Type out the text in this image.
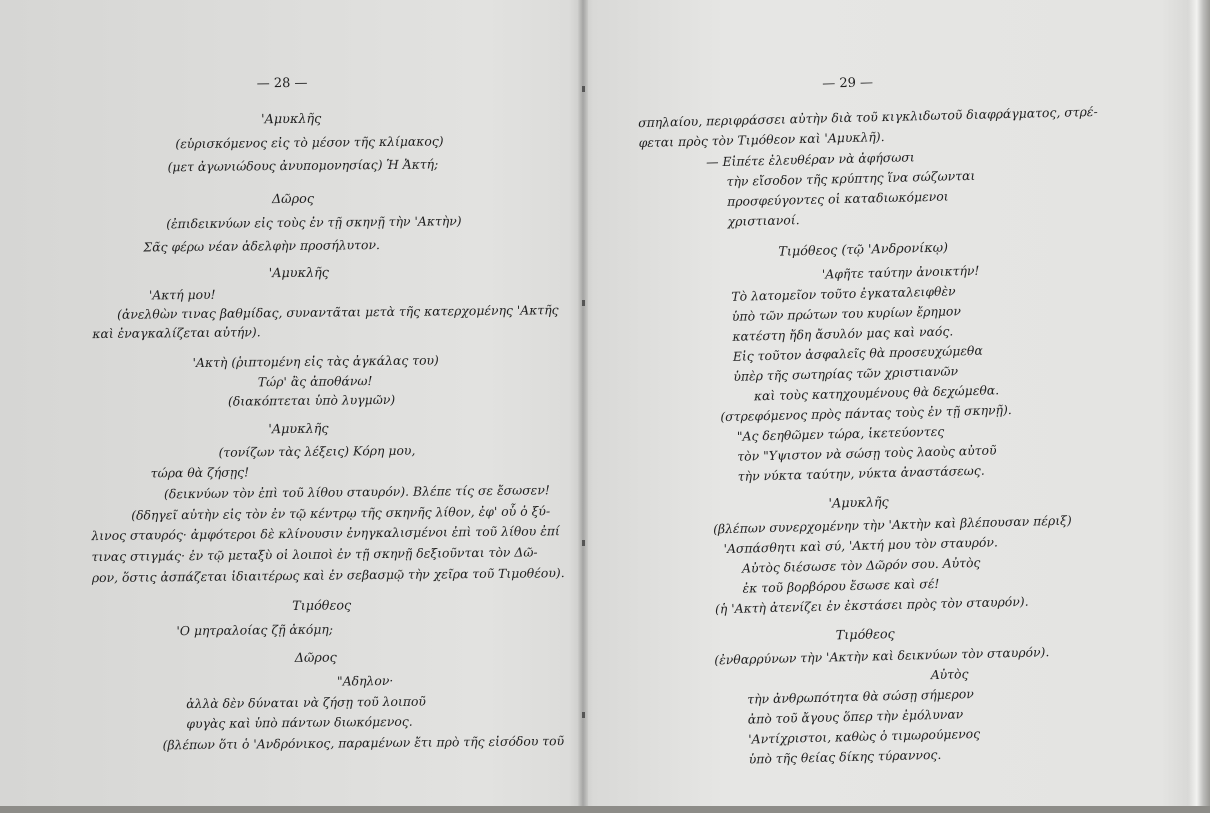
— 28 —
'Αμυκλῆς
(εὑρισκόμενος εἰς τὸ μέσον τῆς κλίμακος)
(μετ ἀγωνιώδους ἀνυπομονησίας) Ἡ Ἀκτή;
Δῶρος
(ἐπιδεικνύων εἰς τοὺς ἐν τῇ σκηνῇ τὴν 'Ακτὴν)
Σᾶς φέρω νέαν ἀδελφὴν προσήλυτον.
'Αμυκλῆς
'Ακτή μου!
(ἀνελθὼν τινας βαθμίδας, συναντᾶται μετὰ τῆς κατερχομένης 'Ακτῆς
καὶ ἐναγκαλίζεται αὐτήν).
'Ακτὴ (ῥιπτομένη εἰς τὰς ἀγκάλας του)
Τώρ' ἂς ἀποθάνω!
(διακόπτεται ὑπὸ λυγμῶν)
'Αμυκλῆς
(τονίζων τὰς λέξεις) Κόρη μου,
τώρα θὰ ζήσῃς!
(δεικνύων τὸν ἐπὶ τοῦ λίθου σταυρόν). Βλέπε τίς σε ἔσωσεν!
(δδηγεῖ αὐτὴν εἰς τὸν ἐν τῷ κέντρῳ τῆς σκηνῆς λίθον, ἐφ' οὗ ὁ ξύ-
λινος σταυρός· ἀμφότεροι δὲ κλίνουσιν ἐνηγκαλισμένοι ἐπὶ τοῦ λίθου ἐπί
τινας στιγμάς· ἐν τῷ μεταξὺ οἱ λοιποὶ ἐν τῇ σκηνῇ δεξιοῦνται τὸν Δῶ-
ρον, ὅστις ἀσπάζεται ἰδιαιτέρως καὶ ἐν σεβασμῷ τὴν χεῖρα τοῦ Τιμοθέου).
Τιμόθεος
'Ο μητραλοίας ζῇ ἀκόμη;
Δῶρος
"Αδηλον·
ἀλλὰ δὲν δύναται νὰ ζήσῃ τοῦ λοιποῦ
φυγὰς καὶ ὑπὸ πάντων διωκόμενος.
(βλέπων ὅτι ὁ 'Ανδρόνικος, παραμένων ἔτι πρὸ τῆς εἰσόδου τοῦ
— 29 —
σπηλαίου, περιφράσσει αὐτὴν διὰ τοῦ κιγκλιδωτοῦ διαφράγματος, στρέ-
φεται πρὸς τὸν Τιμόθεον καὶ 'Αμυκλῆ).
— Εἰπέτε ἐλευθέραν νὰ ἀφήσωσι
τὴν εἴσοδον τῆς κρύπτης ἵνα σώζωνται
προσφεύγοντες οἱ καταδιωκόμενοι
χριστιανοί.
Τιμόθεος (τῷ 'Ανδρονίκῳ)
'Αφῆτε ταύτην ἀνοικτήν!
Τὸ λατομεῖον τοῦτο ἐγκαταλειφθὲν
ὑπὸ τῶν πρώτων του κυρίων ἔρημον
κατέστη ἤδη ἄσυλόν μας καὶ ναός.
Εἰς τοῦτον ἀσφαλεῖς θὰ προσευχώμεθα
ὑπὲρ τῆς σωτηρίας τῶν χριστιανῶν
καὶ τοὺς κατηχουμένους θὰ δεχώμεθα.
(στρεφόμενος πρὸς πάντας τοὺς ἐν τῇ σκηνῇ).
"Ας δεηθῶμεν τώρα, ἱκετεύοντες
τὸν "Υψιστον νὰ σώσῃ τοὺς λαοὺς αὐτοῦ
τὴν νύκτα ταύτην, νύκτα ἀναστάσεως.
'Αμυκλῆς
(βλέπων συνερχομένην τὴν 'Ακτὴν καὶ βλέπουσαν πέριξ)
'Ασπάσθητι καὶ σύ, 'Ακτή μου τὸν σταυρόν.
Αὐτὸς διέσωσε τὸν Δῶρόν σου. Αὐτὸς
ἐκ τοῦ βορβόρου ἔσωσε καὶ σέ!
(ἡ 'Ακτὴ ἀτενίζει ἐν ἐκστάσει πρὸς τὸν σταυρόν).
Τιμόθεος
(ἐνθαρρύνων τὴν 'Ακτὴν καὶ δεικνύων τὸν σταυρόν).
Αὐτὸς
τὴν ἀνθρωπότητα θὰ σώσῃ σήμερον
ἀπὸ τοῦ ἄγους ὅπερ τὴν ἐμόλυναν
'Αντίχριστοι, καθὼς ὁ τιμωρούμενος
ὑπὸ τῆς θείας δίκης τύραννος.
